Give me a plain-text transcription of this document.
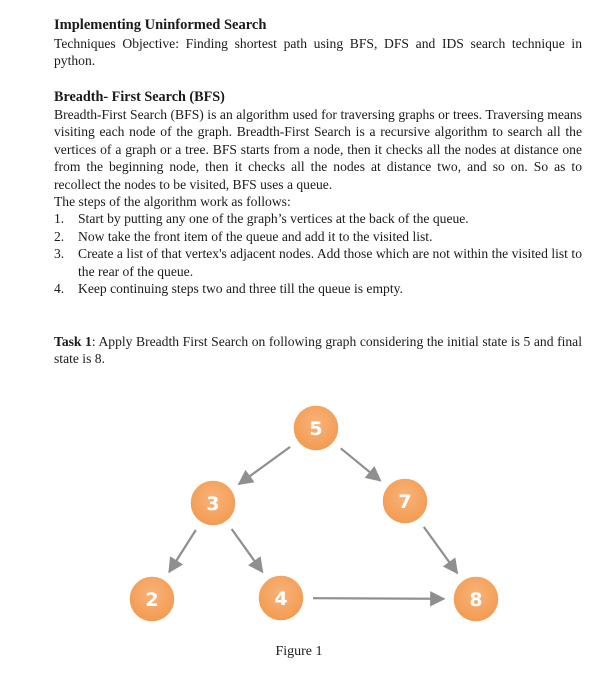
Implementing Uninformed Search

Techniques Objective: Finding shortest path using BFS, DFS and IDS search technique in python.

Breadth- First Search (BFS)

Breadth-First Search (BFS) is an algorithm used for traversing graphs or trees. Traversing means visiting each node of the graph. Breadth-First Search is a recursive algorithm to search all the vertices of a graph or a tree. BFS starts from a node, then it checks all the nodes at distance one from the beginning node, then it checks all the nodes at distance two, and so on. So as to recollect the nodes to be visited, BFS uses a queue.

The steps of the algorithm work as follows:
1. Start by putting any one of the graph’s vertices at the back of the queue.
2. Now take the front item of the queue and add it to the visited list.
3. Create a list of that vertex's adjacent nodes. Add those which are not within the visited list to the rear of the queue.
4. Keep continuing steps two and three till the queue is empty.

Task 1: Apply Breadth First Search on following graph considering the initial state is 5 and final state is 8.

5
3	7
2	4	8
Figure 1
